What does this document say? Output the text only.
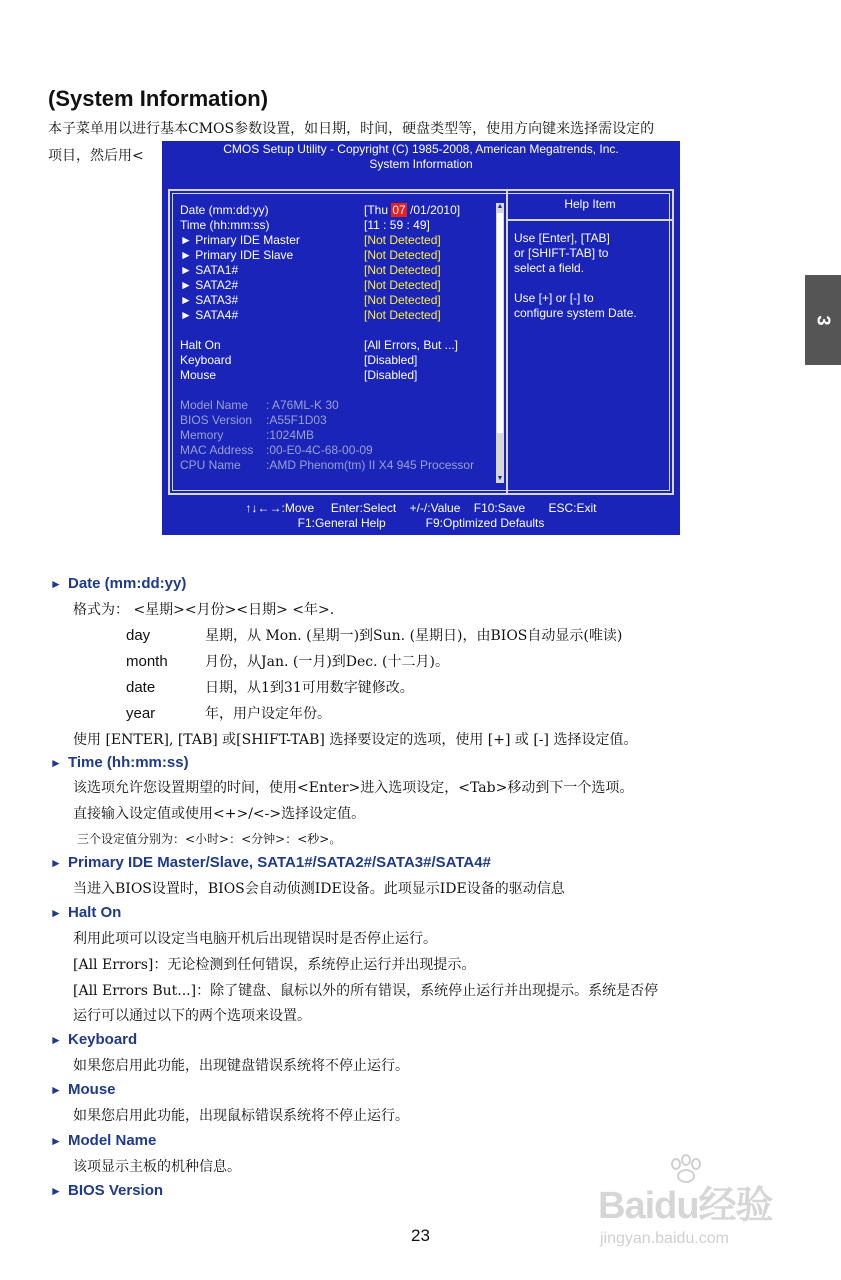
(System Information)
本子菜单用以进行基本CMOS参数设置，如日期，时间，硬盘类型等，使用方向键来选择需设定的
项目，然后用<
3
CMOS Setup Utility - Copyright (C) 1985-2008, American Megatrends, Inc.
System Information
Help Item
Use [Enter], [TAB]
or [SHIFT-TAB] to
select a field.
Use [+] or [-] to
configure system Date.
Date (mm:dd:yy)	[Thu 07 /01/2010]
Time (hh:mm:ss)	[11 : 59 : 49]
► Primary IDE Master	[Not Detected]
► Primary IDE Slave	[Not Detected]
► SATA1#	[Not Detected]
► SATA2#	[Not Detected]
► SATA3#	[Not Detected]
► SATA4#	[Not Detected]
Halt On	[All Errors, But ...]
Keyboard	[Disabled]
Mouse	[Disabled]
Model Name : A76ML-K 30
BIOS Version :A55F1D03
Memory	:1024MB
MAC Address :00-E0-4C-68-00-09
CPU Name :AMD Phenom(tm) II X4 945 Processor
▲
▼
↑↓←→:Move Enter:Select +/-/:Value F10:Save ESC:Exit
F1:General Help	F9:Optimized Defaults
► Date (mm:dd:yy)
格式为： <星期><月份><日期> <年>.
day	星期，从 Mon. (星期一)到Sun. (星期日)，由BIOS自动显示(唯读)
month	月份，从Jan. (一月)到Dec. (十二月)。
date	日期，从1到31可用数字键修改。
year	年，用户设定年份。
使用 [ENTER], [TAB] 或[SHIFT-TAB] 选择要设定的选项，使用 [+] 或 [-] 选择设定值。
► Time (hh:mm:ss)
该选项允许您设置期望的时间，使用<Enter>进入选项设定，<Tab>移动到下一个选项。
直接输入设定值或使用<+>/<->选择设定值。
三个设定值分别为：<小时>：<分钟>：<秒>。
► Primary IDE Master/Slave, SATA1#/SATA2#/SATA3#/SATA4#
当进入BIOS设置时，BIOS会自动侦测IDE设备。此项显示IDE设备的驱动信息
► Halt On
利用此项可以设定当电脑开机后出现错误时是否停止运行。
[All Errors]：无论检测到任何错误，系统停止运行并出现提示。
[All Errors But...]：除了键盘、鼠标以外的所有错误，系统停止运行并出现提示。系统是否停
运行可以通过以下的两个选项来设置。
► Keyboard
如果您启用此功能，出现键盘错误系统将不停止运行。
► Mouse
如果您启用此功能，出现鼠标错误系统将不停止运行。
► Model Name
该项显示主板的机种信息。
► BIOS Version
23
Baidu经验
jingyan.baidu.com
